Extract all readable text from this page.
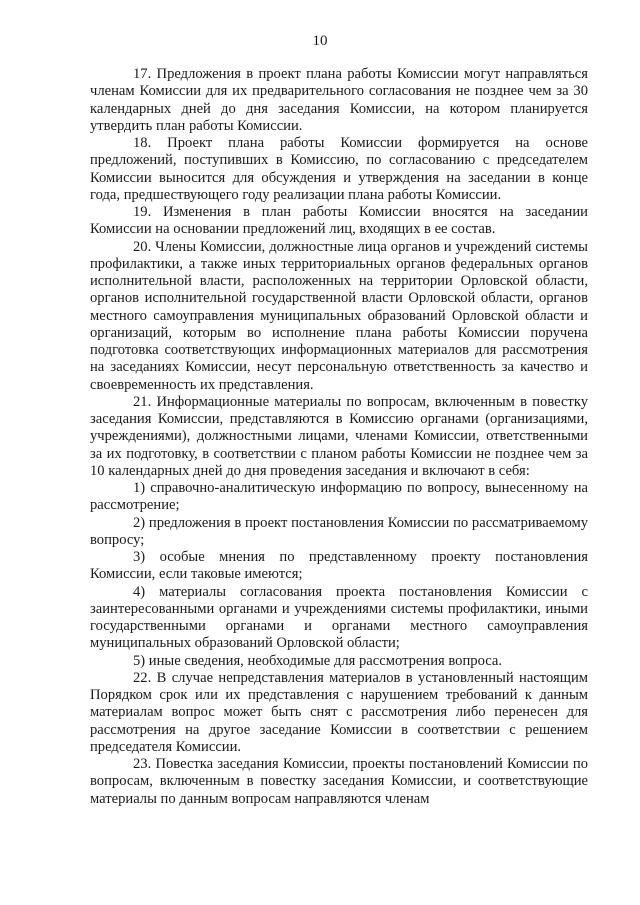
10

17. Предложения в проект плана работы Комиссии могут направляться членам Комиссии для их предварительного согласования не позднее чем за 30 календарных дней до дня заседания Комиссии, на котором планируется утвердить план работы Комиссии.

18. Проект плана работы Комиссии формируется на основе предложений, поступивших в Комиссию, по согласованию с председателем Комиссии выносится для обсуждения и утверждения на заседании в конце года, предшествующего году реализации плана работы Комиссии.

19. Изменения в план работы Комиссии вносятся на заседании Комиссии на основании предложений лиц, входящих в ее состав.

20. Члены Комиссии, должностные лица органов и учреждений системы профилактики, а также иных территориальных органов федеральных органов исполнительной власти, расположенных на территории Орловской области, органов исполнительной государственной власти Орловской области, органов местного самоуправления муниципальных образований Орловской области и организаций, которым во исполнение плана работы Комиссии поручена подготовка соответствующих информационных материалов для рассмотрения на заседаниях Комиссии, несут персональную ответственность за качество и своевременность их представления.

21. Информационные материалы по вопросам, включенным в повестку заседания Комиссии, представляются в Комиссию органами (организациями, учреждениями), должностными лицами, членами Комиссии, ответственными за их подготовку, в соответствии с планом работы Комиссии не позднее чем за 10 календарных дней до дня проведения заседания и включают в себя:

1) справочно-аналитическую информацию по вопросу, вынесенному на рассмотрение;

2) предложения в проект постановления Комиссии по рассматриваемому вопросу;

3) особые мнения по представленному проекту постановления Комиссии, если таковые имеются;

4) материалы согласования проекта постановления Комиссии с заинтересованными органами и учреждениями системы профилактики, иными государственными органами и органами местного самоуправления муниципальных образований Орловской области;

5) иные сведения, необходимые для рассмотрения вопроса.

22. В случае непредставления материалов в установленный настоящим Порядком срок или их представления с нарушением требований к данным материалам вопрос может быть снят с рассмотрения либо перенесен для рассмотрения на другое заседание Комиссии в соответствии с решением председателя Комиссии.

23. Повестка заседания Комиссии, проекты постановлений Комиссии по вопросам, включенным в повестку заседания Комиссии, и соответствующие материалы по данным вопросам направляются членам
